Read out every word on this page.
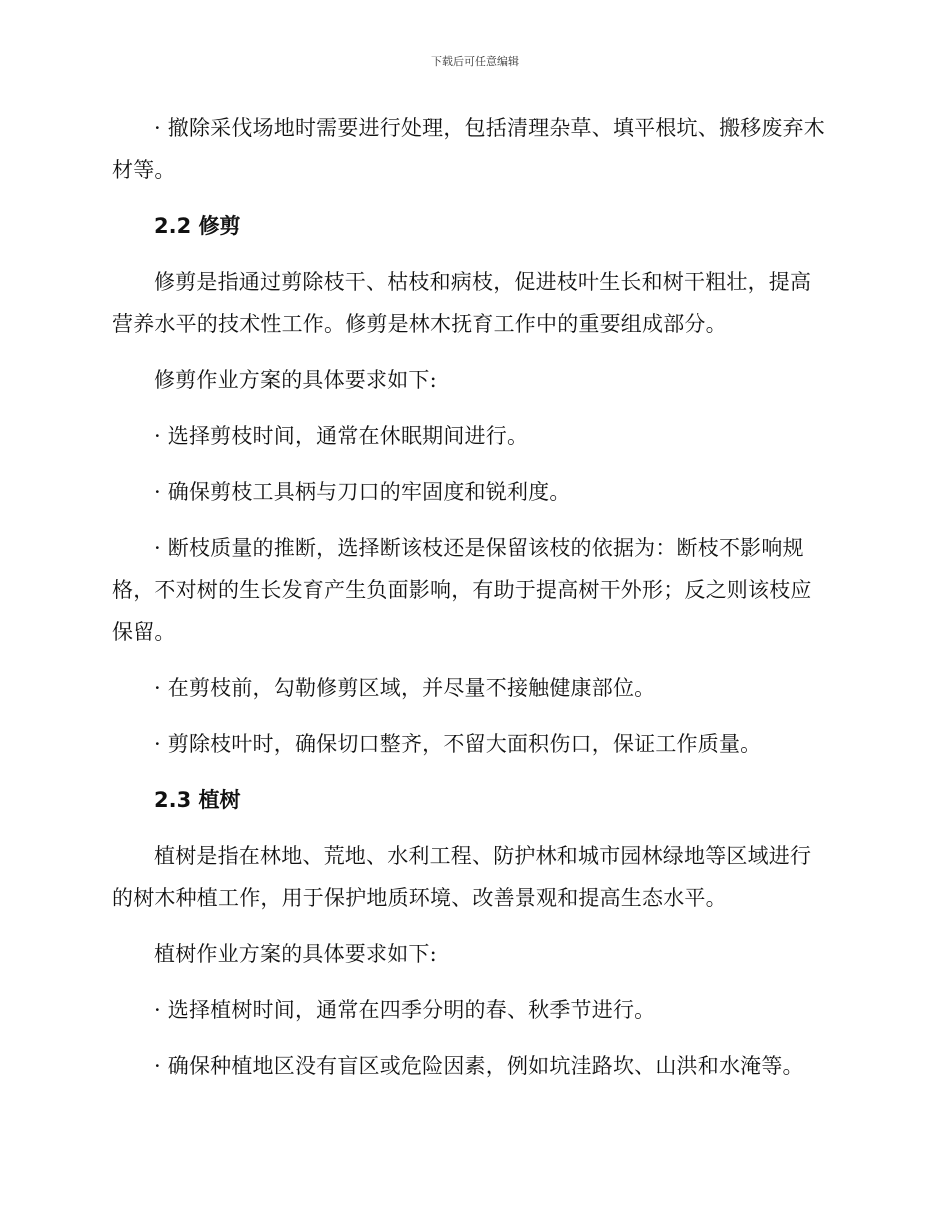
下载后可任意编辑

· 撤除采伐场地时需要进行处理，包括清理杂草、填平根坑、搬移废弃木材等。

2.2 修剪

修剪是指通过剪除枝干、枯枝和病枝，促进枝叶生长和树干粗壮，提高营养水平的技术性工作。修剪是林木抚育工作中的重要组成部分。

修剪作业方案的具体要求如下:

· 选择剪枝时间，通常在休眠期间进行。

· 确保剪枝工具柄与刀口的牢固度和锐利度。

· 断枝质量的推断，选择断该枝还是保留该枝的依据为：断枝不影响规格，不对树的生长发育产生负面影响，有助于提高树干外形；反之则该枝应保留。

· 在剪枝前，勾勒修剪区域，并尽量不接触健康部位。

· 剪除枝叶时，确保切口整齐，不留大面积伤口，保证工作质量。

2.3 植树

植树是指在林地、荒地、水利工程、防护林和城市园林绿地等区域进行的树木种植工作，用于保护地质环境、改善景观和提高生态水平。

植树作业方案的具体要求如下:

· 选择植树时间，通常在四季分明的春、秋季节进行。

· 确保种植地区没有盲区或危险因素，例如坑洼路坎、山洪和水淹等。
